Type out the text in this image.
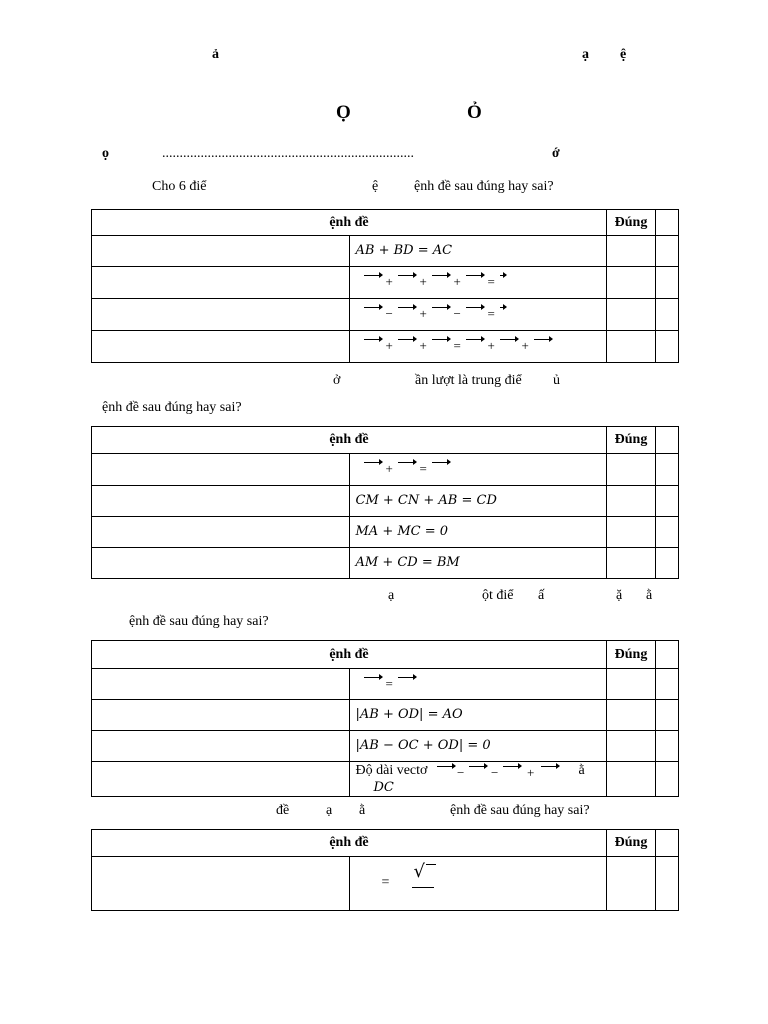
ả	ạ ệ
Ọ	Ỏ
ọ	........................................................................	ớ
Cho 6 điể	ệ	ệnh đề sau đúng hay sai?
ệnh đề		Đúng	
	AB + BD = AC		

	+ + + =		

	− + − =		

	+ + = + +		

ở	ần lượt là trung điể ủ
ệnh đề sau đúng hay sai?
ệnh đề		Đúng	

	+ =		

	CM + CN + AB = CD		
	MA + MC = 0		
	AM + CD = BM		
ạ	ột điể ấ	ặ ằ
ệnh đề sau đúng hay sai?
ệnh đề		Đúng	

	=		

	|AB + OD| = AO		
	|AB − OC + OD| = 0		
	Độ dài vectơ − − + ằ DC		
đề	ạ ằ	ệnh đề sau đúng hay sai?
ệnh đề		Đúng	

	=
√		
